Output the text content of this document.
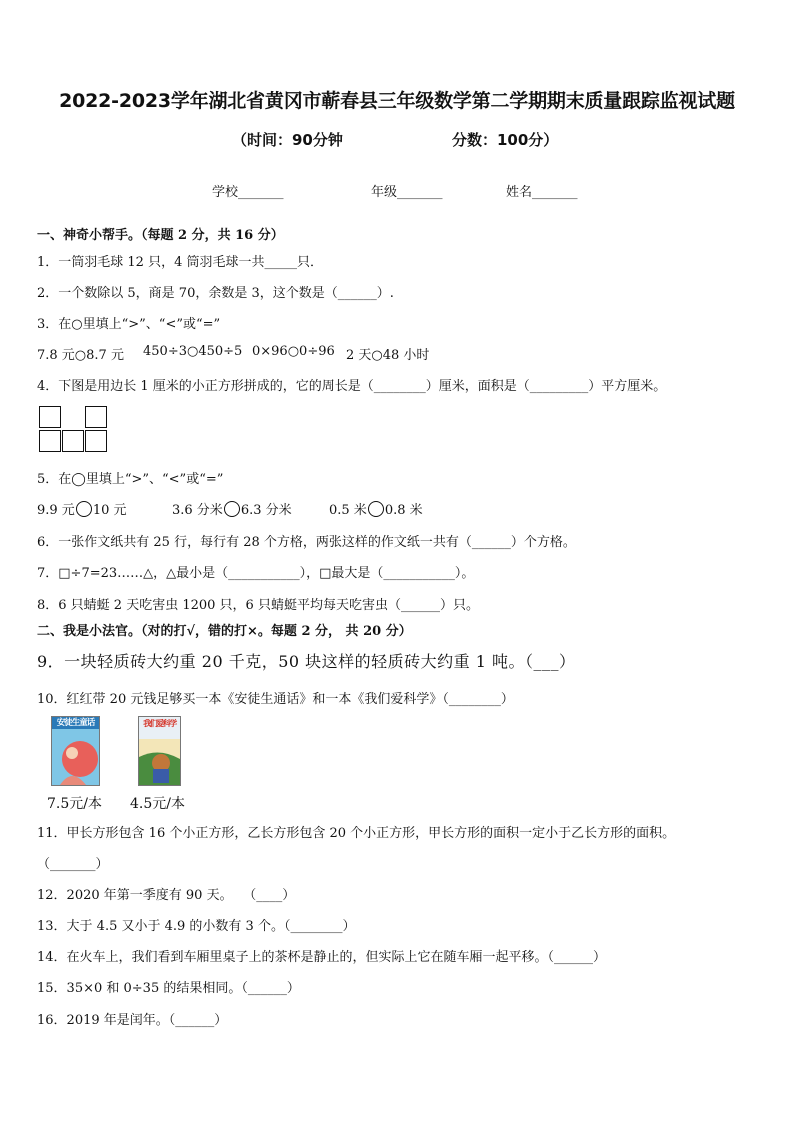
2022-2023学年湖北省黄冈市蕲春县三年级数学第二学期期末质量跟踪监视试题
（时间：90分钟	分数：100分）
学校_______	年级_______	姓名_______
一、神奇小帮手。（每题 2 分，共 16 分）
1．一筒羽毛球 12 只，4 筒羽毛球一共_____只．
2．一个数除以 5，商是 70，余数是 3，这个数是（______）.
3．在○里填上“>”、“<”或“=”
7.8 元○8.7 元 450÷3○450÷5 0×96○0÷96 2 天○48 小时
4．下图是用边长 1 厘米的小正方形拼成的，它的周长是（________）厘米，面积是（_________）平方厘米。
5．在◯里填上“>”、“<”或“=”
9.9 元 10 元	3.6 分米 6.3 分米	0.5 米 0.8 米
6．一张作文纸共有 25 行，每行有 28 个方格，两张这样的作文纸一共有（______）个方格。
7．□÷7=23……△，△最小是（___________），□最大是（___________）。
8．6 只蜻蜓 2 天吃害虫 1200 只，6 只蜻蜓平均每天吃害虫（______）只。
二、我是小法官。（对的打√，错的打×。每题 2 分， 共 20 分）
9．一块轻质砖大约重 20 千克，50 块这样的轻质砖大约重 1 吨。（___）
10．红红带 20 元钱足够买一本《安徒生通话》和一本《我们爱科学》（________）
安徒生童话	我们爱科学
7.5元/本 4.5元/本
11．甲长方形包含 16 个小正方形，乙长方形包含 20 个小正方形，甲长方形的面积一定小于乙长方形的面积。
（_______）
12．2020 年第一季度有 90 天。　 （____）
13．大于 4.5 又小于 4.9 的小数有 3 个。（________）
14．在火车上，我们看到车厢里桌子上的茶杯是静止的，但实际上它在随车厢一起平移。（______）
15．35×0 和 0÷35 的结果相同。（______）
16．2019 年是闰年。（______）
